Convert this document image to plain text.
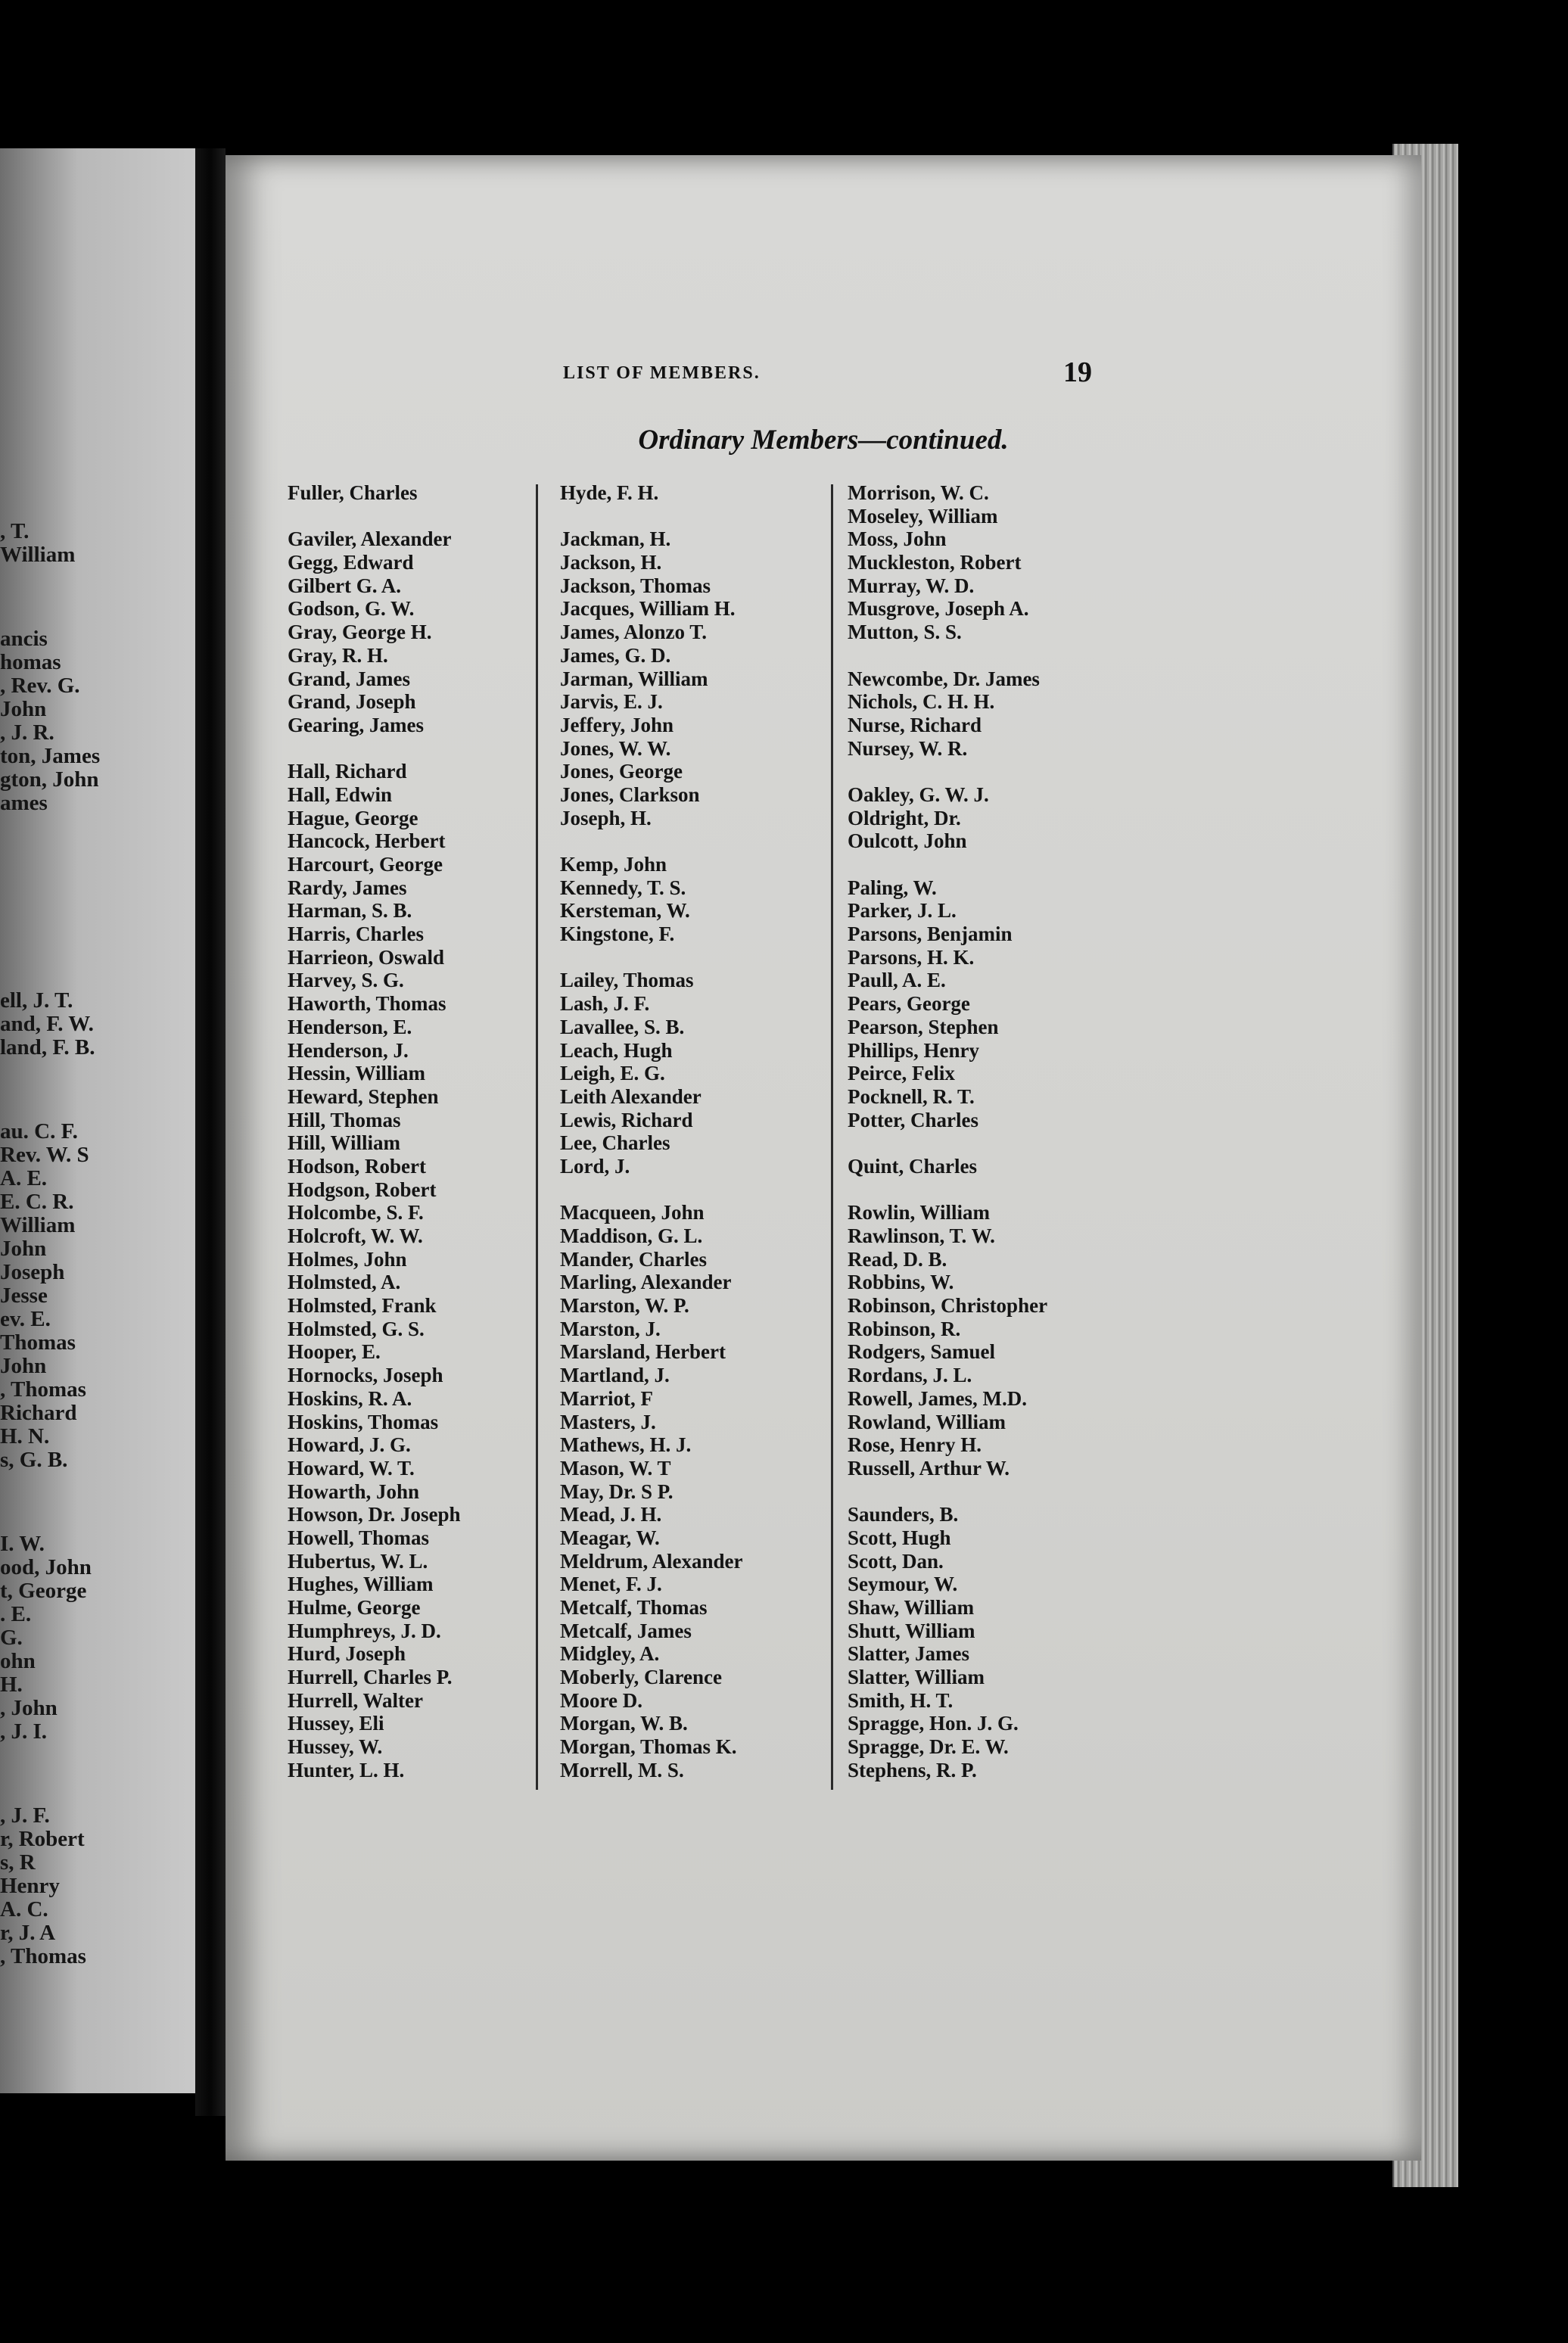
, T.
William
ancis
homas
, Rev. G.
John
, J. R.
ton, James
gton, John
ames
ell, J. T.
and, F. W.
land, F. B.
au. C. F.
Rev. W. S
A. E.
E. C. R.
William
John
Joseph
Jesse
ev. E.
Thomas
John
, Thomas
Richard
H. N.
s, G. B.
I. W.
ood, John
t, George
. E.
G.
ohn
H.
, John
, J. I.
, J. F.
r, Robert
s, R
Henry
A. C.
r, J. A
, Thomas
LIST OF MEMBERS.	19
Ordinary Members—continued.
Fuller, Charles
Gaviler, Alexander
Gegg, Edward
Gilbert G. A.
Godson, G. W.
Gray, George H.
Gray, R. H.
Grand, James
Grand, Joseph
Gearing, James
Hall, Richard
Hall, Edwin
Hague, George
Hancock, Herbert
Harcourt, George
Rardy, James
Harman, S. B.
Harris, Charles
Harrieon, Oswald
Harvey, S. G.
Haworth, Thomas
Henderson, E.
Henderson, J.
Hessin, William
Heward, Stephen
Hill, Thomas
Hill, William
Hodson, Robert
Hodgson, Robert
Holcombe, S. F.
Holcroft, W. W.
Holmes, John
Holmsted, A.
Holmsted, Frank
Holmsted, G. S.
Hooper, E.
Hornocks, Joseph
Hoskins, R. A.
Hoskins, Thomas
Howard, J. G.
Howard, W. T.
Howarth, John
Howson, Dr. Joseph
Howell, Thomas
Hubertus, W. L.
Hughes, William
Hulme, George
Humphreys, J. D.
Hurd, Joseph
Hurrell, Charles P.
Hurrell, Walter
Hussey, Eli
Hussey, W.
Hunter, L. H.
Hyde, F. H.
Jackman, H.
Jackson, H.
Jackson, Thomas
Jacques, William H.
James, Alonzo T.
James, G. D.
Jarman, William
Jarvis, E. J.
Jeffery, John
Jones, W. W.
Jones, George
Jones, Clarkson
Joseph, H.
Kemp, John
Kennedy, T. S.
Kersteman, W.
Kingstone, F.
Lailey, Thomas
Lash, J. F.
Lavallee, S. B.
Leach, Hugh
Leigh, E. G.
Leith Alexander
Lewis, Richard
Lee, Charles
Lord, J.
Macqueen, John
Maddison, G. L.
Mander, Charles
Marling, Alexander
Marston, W. P.
Marston, J.
Marsland, Herbert
Martland, J.
Marriot, F
Masters, J.
Mathews, H. J.
Mason, W. T
May, Dr. S P.
Mead, J. H.
Meagar, W.
Meldrum, Alexander
Menet, F. J.
Metcalf, Thomas
Metcalf, James
Midgley, A.
Moberly, Clarence
Moore D.
Morgan, W. B.
Morgan, Thomas K.
Morrell, M. S.
Morrison, W. C.
Moseley, William
Moss, John
Muckleston, Robert
Murray, W. D.
Musgrove, Joseph A.
Mutton, S. S.
Newcombe, Dr. James
Nichols, C. H. H.
Nurse, Richard
Nursey, W. R.
Oakley, G. W. J.
Oldright, Dr.
Oulcott, John
Paling, W.
Parker, J. L.
Parsons, Benjamin
Parsons, H. K.
Paull, A. E.
Pears, George
Pearson, Stephen
Phillips, Henry
Peirce, Felix
Pocknell, R. T.
Potter, Charles
Quint, Charles
Rowlin, William
Rawlinson, T. W.
Read, D. B.
Robbins, W.
Robinson, Christopher
Robinson, R.
Rodgers, Samuel
Rordans, J. L.
Rowell, James, M.D.
Rowland, William
Rose, Henry H.
Russell, Arthur W.
Saunders, B.
Scott, Hugh
Scott, Dan.
Seymour, W.
Shaw, William
Shutt, William
Slatter, James
Slatter, William
Smith, H. T.
Spragge, Hon. J. G.
Spragge, Dr. E. W.
Stephens, R. P.
